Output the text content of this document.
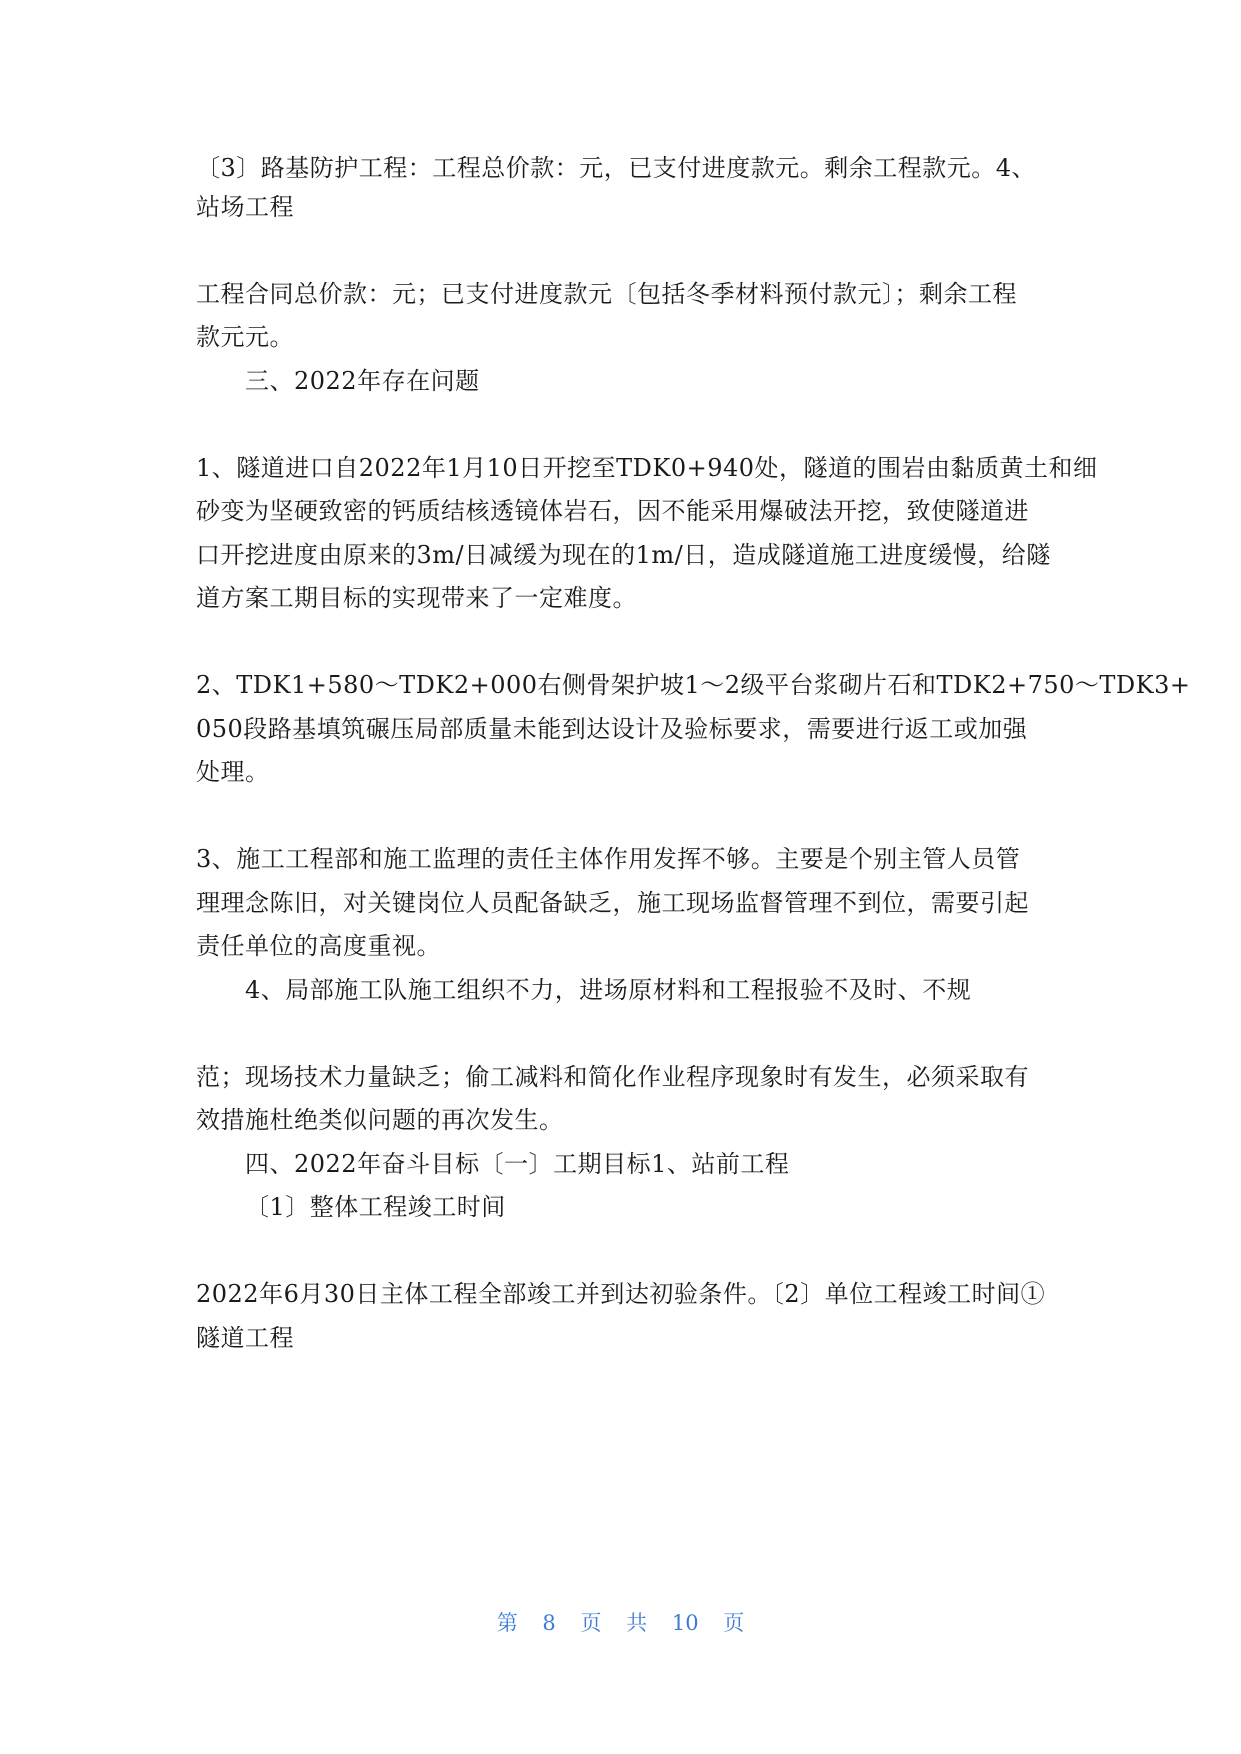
〔3〕路基防护工程：工程总价款：元，已支付进度款元。剩余工程款元。4、
站场工程
工程合同总价款：元；已支付进度款元〔包括冬季材料预付款元〕；剩余工程
款元元。
三、2022年存在问题
1、隧道进口自2022年1月10日开挖至TDK0+940处，隧道的围岩由黏质黄土和细
砂变为坚硬致密的钙质结核透镜体岩石，因不能采用爆破法开挖，致使隧道进
口开挖进度由原来的3m/日减缓为现在的1m/日，造成隧道施工进度缓慢，给隧
道方案工期目标的实现带来了一定难度。
2、TDK1+580～TDK2+000右侧骨架护坡1～2级平台浆砌片石和TDK2+750～TDK3+
050段路基填筑碾压局部质量未能到达设计及验标要求，需要进行返工或加强
处理。
3、施工工程部和施工监理的责任主体作用发挥不够。主要是个别主管人员管
理理念陈旧，对关键岗位人员配备缺乏，施工现场监督管理不到位，需要引起
责任单位的高度重视。
4、局部施工队施工组织不力，进场原材料和工程报验不及时、不规
范；现场技术力量缺乏；偷工减料和简化作业程序现象时有发生，必须采取有
效措施杜绝类似问题的再次发生。
四、2022年奋斗目标〔一〕工期目标1、站前工程
〔1〕整体工程竣工时间
2022年6月30日主体工程全部竣工并到达初验条件。〔2〕单位工程竣工时间①
隧道工程
第 8 页 共 10 页
